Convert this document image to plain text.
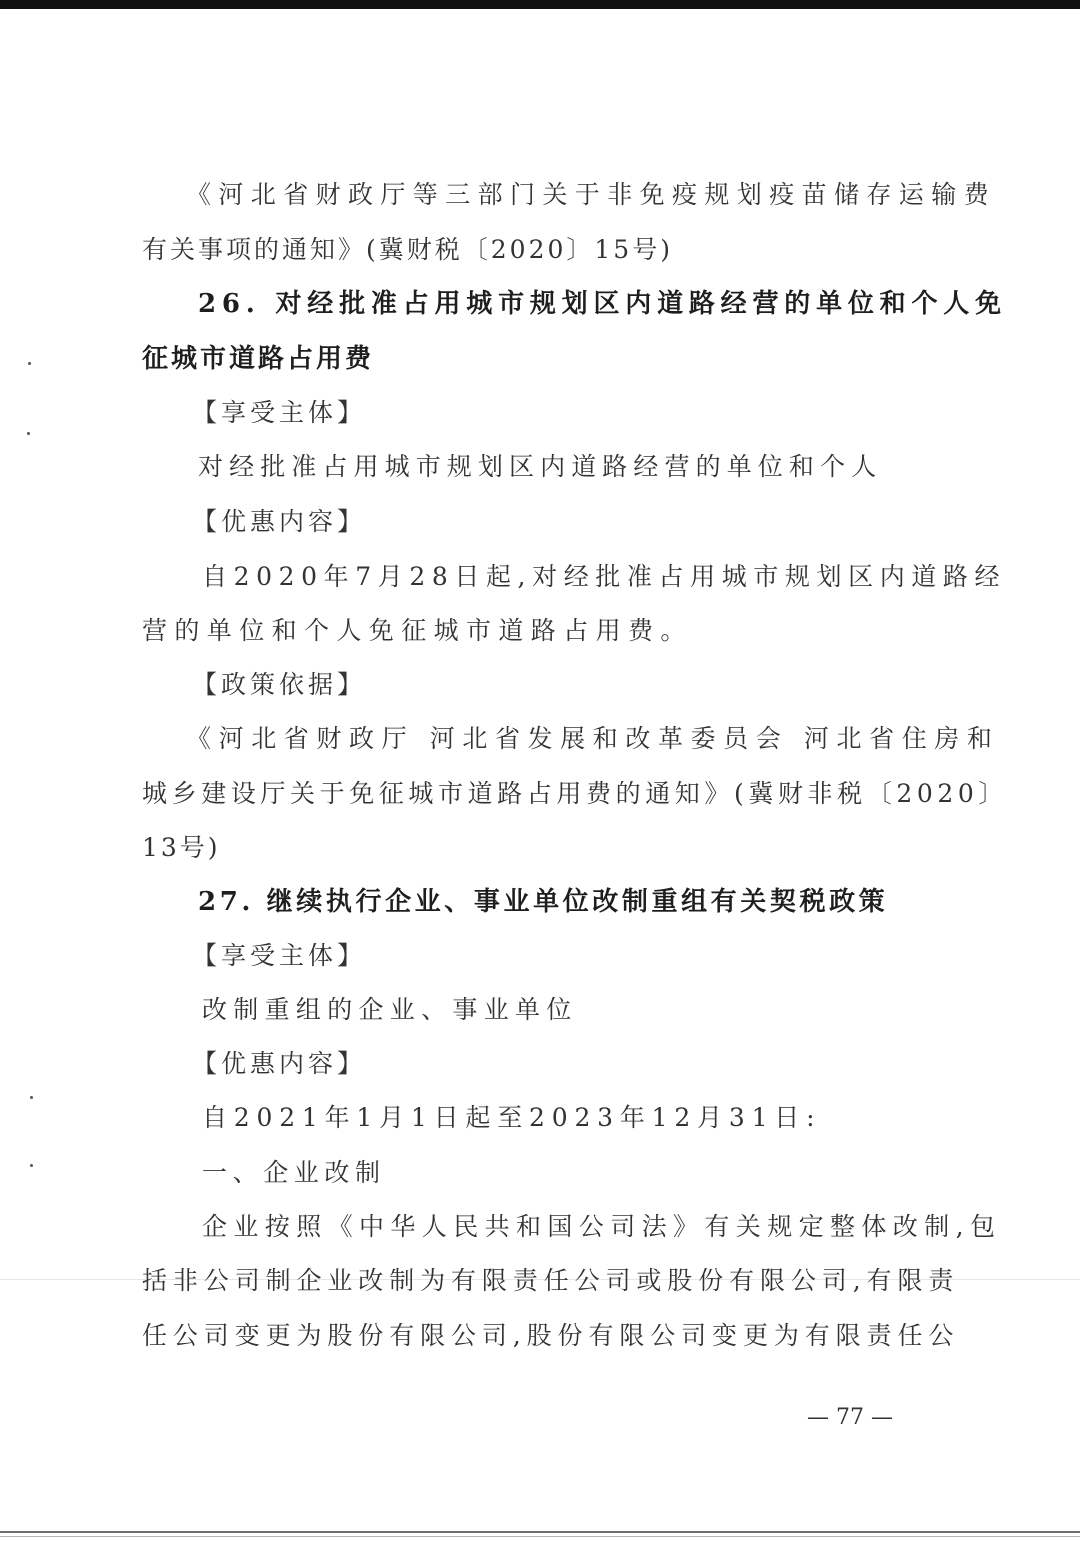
《河北省财政厅等三部门关于非免疫规划疫苗储存运输费
有关事项的通知》(冀财税〔2020〕15号)
26. 对经批准占用城市规划区内道路经营的单位和个人免
征城市道路占用费
【享受主体】
对经批准占用城市规划区内道路经营的单位和个人
【优惠内容】
自2020年7月28日起,对经批准占用城市规划区内道路经
营的单位和个人免征城市道路占用费。
【政策依据】
《河北省财政厅 河北省发展和改革委员会 河北省住房和
城乡建设厅关于免征城市道路占用费的通知》(冀财非税〔2020〕
13号)
27. 继续执行企业、事业单位改制重组有关契税政策
【享受主体】
改制重组的企业、事业单位
【优惠内容】
自2021年1月1日起至2023年12月31日:
一、企业改制
企业按照《中华人民共和国公司法》有关规定整体改制,包
括非公司制企业改制为有限责任公司或股份有限公司,有限责
任公司变更为股份有限公司,股份有限公司变更为有限责任公
— 77 —
